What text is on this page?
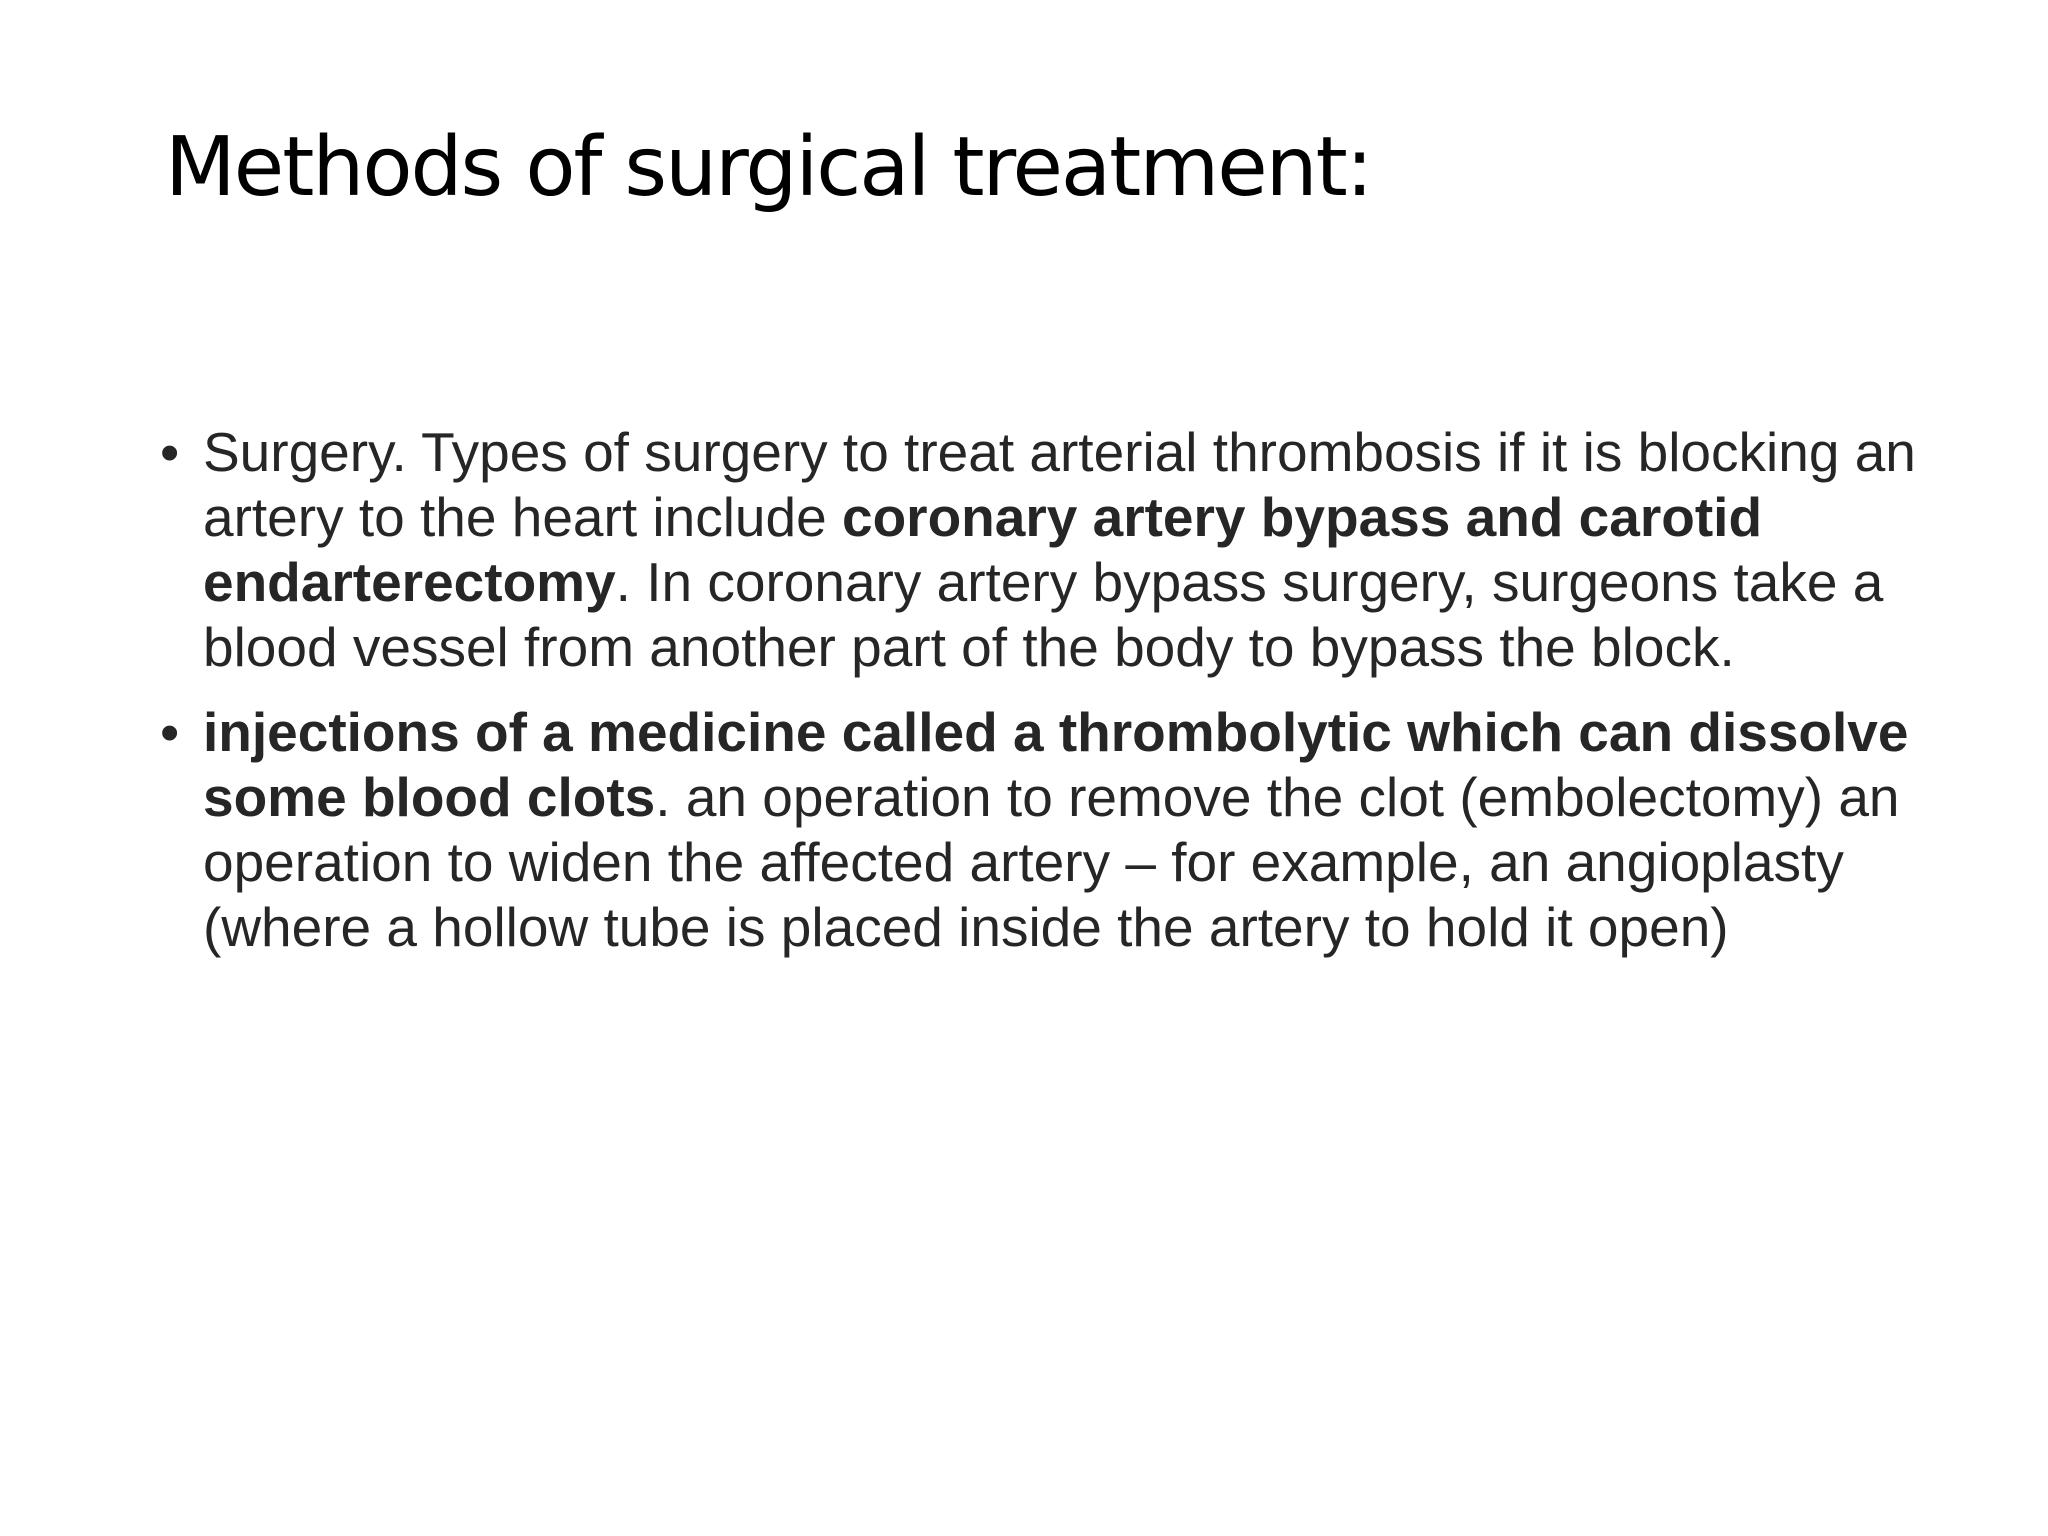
Methods of surgical treatment:
• Surgery. Types of surgery to treat arterial thrombosis if it is blocking an artery to the heart include coronary artery bypass and carotid endarterectomy. In coronary artery bypass surgery, surgeons take a blood vessel from another part of the body to bypass the block.
• injections of a medicine called a thrombolytic which can dissolve some blood clots. an operation to remove the clot (embolectomy) an operation to widen the affected artery – for example, an angioplasty (where a hollow tube is placed inside the artery to hold it open)
